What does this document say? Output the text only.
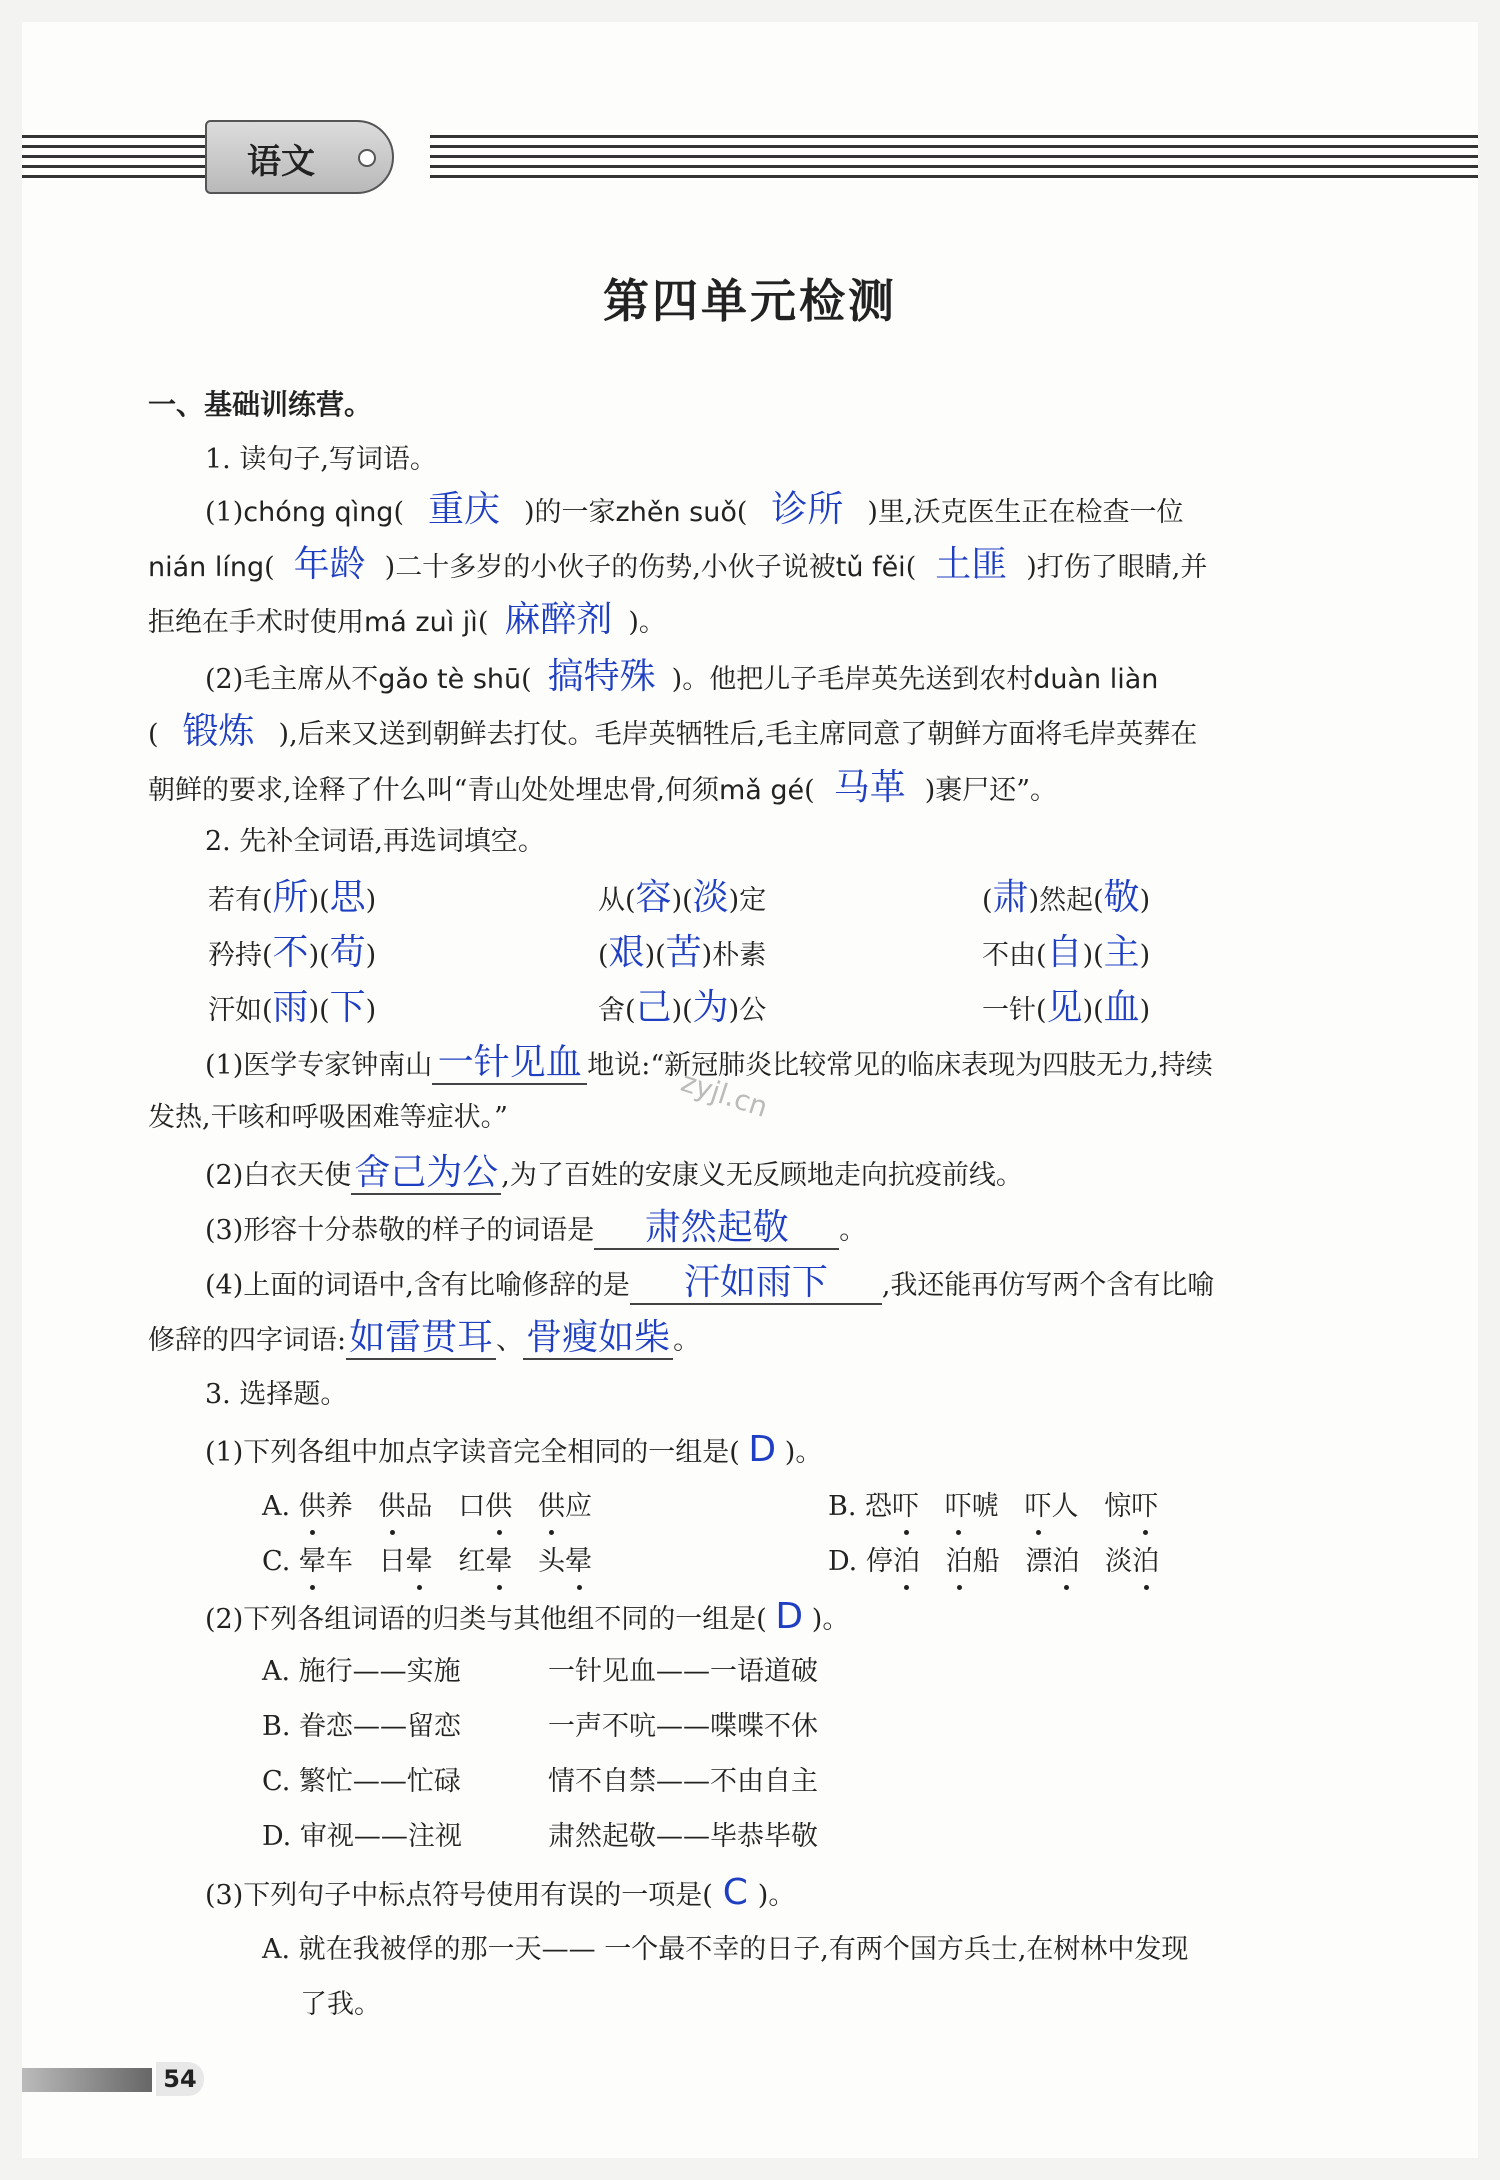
语文
第四单元检测
一、基础训练营。
1. 读句子,写词语。
(1)chóng qìng( 重庆 )的一家zhěn suǒ( 诊所 )里,沃克医生正在检查一位
nián líng( 年龄 )二十多岁的小伙子的伤势,小伙子说被tǔ fěi( 土匪 )打伤了眼睛,并
拒绝在手术时使用má zuì jì( 麻醉剂 )。
(2)毛主席从不gǎo tè shū( 搞特殊 )。他把儿子毛岸英先送到农村duàn liàn
( 锻炼 ),后来又送到朝鲜去打仗。毛岸英牺牲后,毛主席同意了朝鲜方面将毛岸英葬在
朝鲜的要求,诠释了什么叫“青山处处埋忠骨,何须mǎ gé( 马革 )裹尸还”。
2. 先补全词语,再选词填空。
若有(所)(思)	从(容)(淡)定	(肃)然起(敬)
矜持(不)(苟)	(艰)(苦)朴素	不由(自)(主)
汗如(雨)(下)	舍(己)(为)公	一针(见)(血)
(1)医学专家钟南山 一针见血 地说:“新冠肺炎比较常见的临床表现为四肢无力,持续
发热,干咳和呼吸困难等症状。”
(2)白衣天使舍己为公 ,为了百姓的安康义无反顾地走向抗疫前线。
(3)形容十分恭敬的样子的词语是 肃然起敬 。
(4)上面的词语中,含有比喻修辞的是 汗如雨下 ,我还能再仿写两个含有比喻
修辞的四字词语:如雷贯耳 、骨瘦如柴 。
zyjl.cn
3. 选择题。
(1)下列各组中加点字读音完全相同的一组是( D )。
A. 供养 供品 口供 供应	B. 恐吓 吓唬 吓人 惊吓
C. 晕车 日晕 红晕 头晕	D. 停泊 泊船 漂泊 淡泊
(2)下列各组词语的归类与其他组不同的一组是( D )。
A. 施行——实施	一针见血——一语道破
B. 眷恋——留恋	一声不吭——喋喋不休
C. 繁忙——忙碌	情不自禁——不由自主
D. 审视——注视	肃然起敬——毕恭毕敬
(3)下列句子中标点符号使用有误的一项是( C )。
A. 就在我被俘的那一天—— 一个最不幸的日子,有两个国方兵士,在树林中发现
了我。
54
